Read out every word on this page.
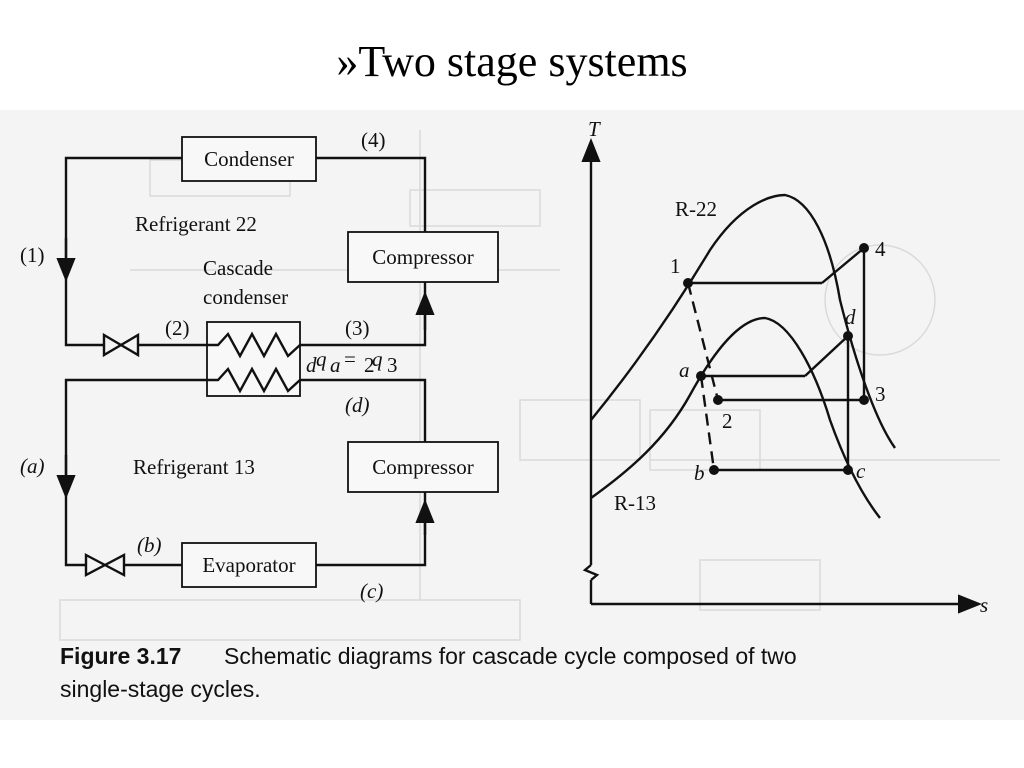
»Two stage systems
Condenser
Compressor
Compressor
Evaporator
Refrigerant 22
Cascade
condenser
Refrigerant 13
(4)
(1)
(2)	(3)
(d)
(a)
(b)
(c)
d q a = 2
q 3
T
s
1
2
3
4
a
b	c
d
R-22
R-13
Figure 3.17 Schematic diagrams for cascade cycle composed of two
single-stage cycles.
